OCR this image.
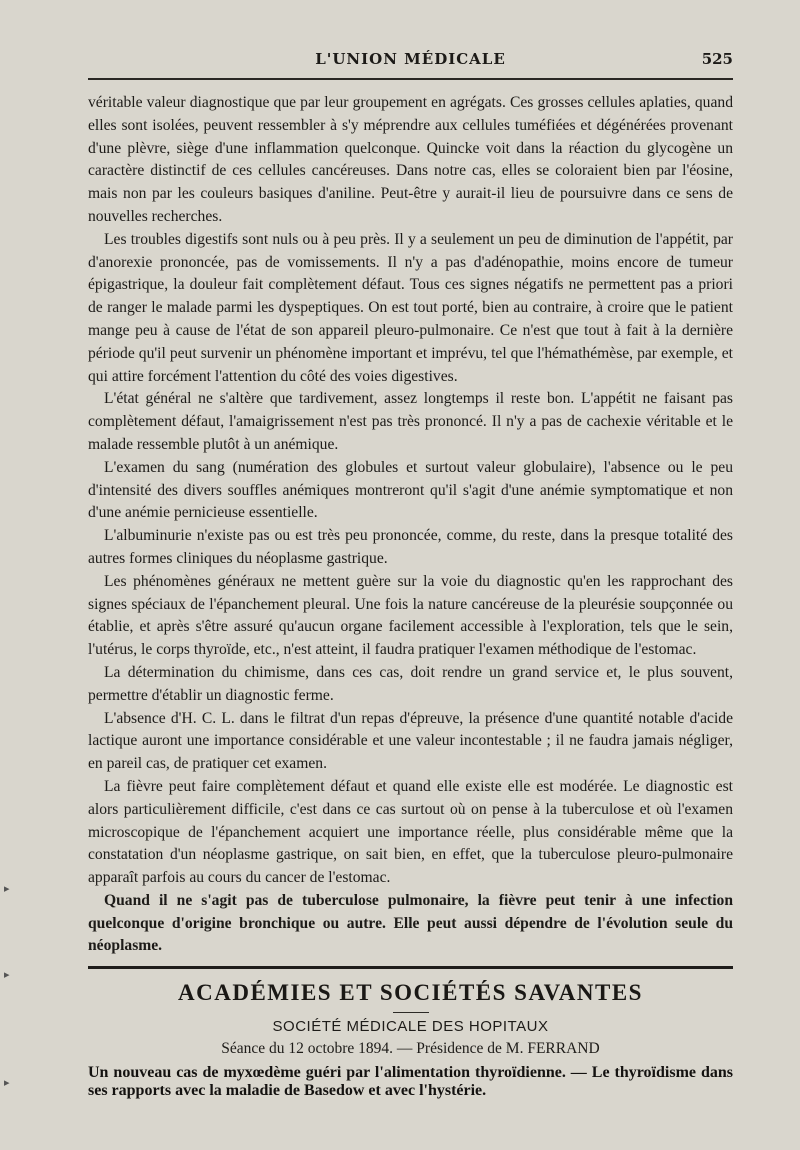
L'UNION MÉDICALE	525

véritable valeur diagnostique que par leur groupement en agrégats. Ces grosses cellules aplaties, quand elles sont isolées, peuvent ressembler à s'y méprendre aux cellules tuméfiées et dégénérées provenant d'une plèvre, siège d'une inflammation quelconque. Quincke voit dans la réaction du glycogène un caractère distinctif de ces cellules cancéreuses. Dans notre cas, elles se coloraient bien par l'éosine, mais non par les couleurs basiques d'aniline. Peut-être y aurait-il lieu de poursuivre dans ce sens de nouvelles recherches.

Les troubles digestifs sont nuls ou à peu près. Il y a seulement un peu de diminution de l'appétit, par d'anorexie prononcée, pas de vomissements. Il n'y a pas d'adénopathie, moins encore de tumeur épigastrique, la douleur fait complètement défaut. Tous ces signes négatifs ne permettent pas a priori de ranger le malade parmi les dyspeptiques. On est tout porté, bien au contraire, à croire que le patient mange peu à cause de l'état de son appareil pleuro-pulmonaire. Ce n'est que tout à fait à la dernière période qu'il peut survenir un phénomène important et imprévu, tel que l'hémathémèse, par exemple, et qui attire forcément l'attention du côté des voies digestives.

L'état général ne s'altère que tardivement, assez longtemps il reste bon. L'appétit ne faisant pas complètement défaut, l'amaigrissement n'est pas très prononcé. Il n'y a pas de cachexie véritable et le malade ressemble plutôt à un anémique.

L'examen du sang (numération des globules et surtout valeur globulaire), l'absence ou le peu d'intensité des divers souffles anémiques montreront qu'il s'agit d'une anémie symptomatique et non d'une anémie pernicieuse essentielle.

L'albuminurie n'existe pas ou est très peu prononcée, comme, du reste, dans la presque totalité des autres formes cliniques du néoplasme gastrique.

Les phénomènes généraux ne mettent guère sur la voie du diagnostic qu'en les rapprochant des signes spéciaux de l'épanchement pleural. Une fois la nature cancéreuse de la pleurésie soupçonnée ou établie, et après s'être assuré qu'aucun organe facilement accessible à l'exploration, tels que le sein, l'utérus, le corps thyroïde, etc., n'est atteint, il faudra pratiquer l'examen méthodique de l'estomac.

La détermination du chimisme, dans ces cas, doit rendre un grand service et, le plus souvent, permettre d'établir un diagnostic ferme.

L'absence d'H. C. L. dans le filtrat d'un repas d'épreuve, la présence d'une quantité notable d'acide lactique auront une importance considérable et une valeur incontestable ; il ne faudra jamais négliger, en pareil cas, de pratiquer cet examen.

La fièvre peut faire complètement défaut et quand elle existe elle est modérée. Le diagnostic est alors particulièrement difficile, c'est dans ce cas surtout où on pense à la tuberculose et où l'examen microscopique de l'épanchement acquiert une importance réelle, plus considérable même que la constatation d'un néoplasme gastrique, on sait bien, en effet, que la tuberculose pleuro-pulmonaire apparaît parfois au cours du cancer de l'estomac.

Quand il ne s'agit pas de tuberculose pulmonaire, la fièvre peut tenir à une infection quelconque d'origine bronchique ou autre. Elle peut aussi dépendre de l'évolution seule du néoplasme.

ACADÉMIES ET SOCIÉTÉS SAVANTES
SOCIÉTÉ MÉDICALE DES HOPITAUX
Séance du 12 octobre 1894. — Présidence de M. FERRAND
Un nouveau cas de myxœdème guéri par l'alimentation thyroïdienne. — Le thyroïdisme dans ses rapports avec la maladie de Basedow et avec l'hystérie.
▸
▸
▸
